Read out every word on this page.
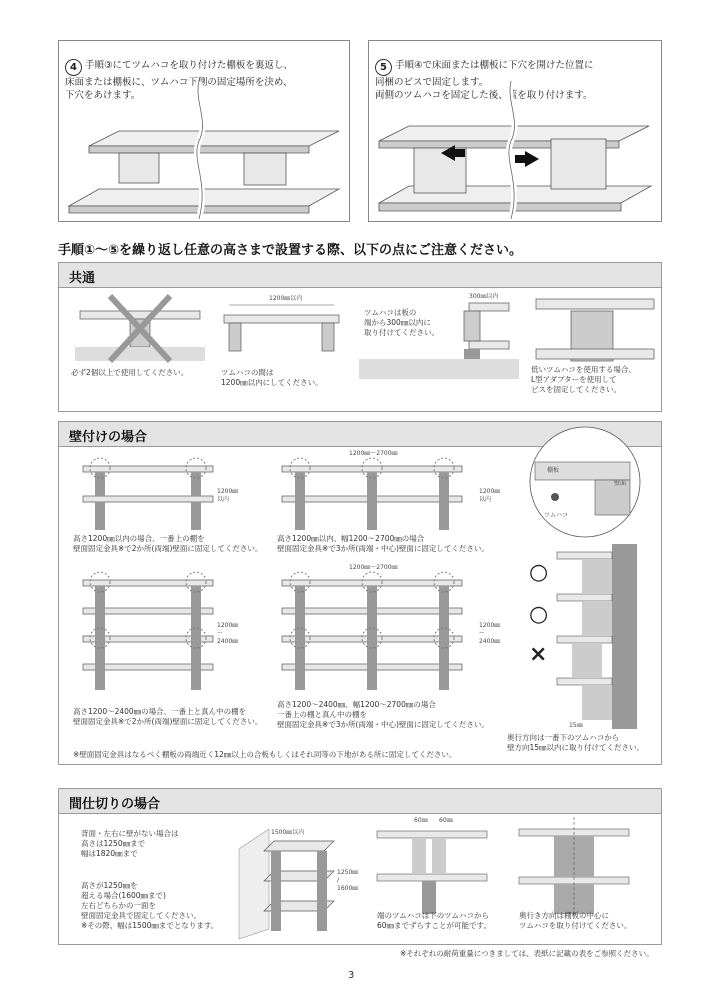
4 手順③にてツムハコを取り付けた棚板を裏返し、
床面または棚板に、ツムハコ下側の固定場所を決め、
下穴をあけます。

5 手順④で床面または棚板に下穴を開けた位置に
同梱のビスで固定します。
両側のツムハコを固定した後、蓋を取り付けます。

手順①～⑤を繰り返し任意の高さまで設置する際、以下の点にご注意ください。
共通
必ず2個以上で使用してください。
1200㎜以内
ツムハコの間は
1200㎜以内にしてください。
300㎜以内
ツムハコは板の
端から300㎜以内に
取り付けてください。
低いツムハコを使用する場合、
L型アダプターを使用して
ビスを固定してください。
壁付けの場合
1200㎜
以内
高さ1200㎜以内の場合、一番上の棚を
壁面固定金具※で2か所(両端)壁面に固定してください。
1200㎜～2700㎜
1200㎜
以内
高さ1200㎜以内、幅1200～2700㎜の場合
壁面固定金具※で3か所(両端・中心)壁面に固定してください。
1200㎜
～
2400㎜
高さ1200～2400㎜の場合、一番上と真ん中の棚を
壁面固定金具※で2か所(両端)壁面に固定してください。
1200㎜～2700㎜
1200㎜
～
2400㎜
高さ1200～2400㎜、幅1200～2700㎜の場合
一番上の棚と真ん中の棚を
壁面固定金具※で3か所(両端・中心)壁面に固定してください。
棚板
壁面
ツムハコ
○
○
×
15㎜
奥行方向は一番下のツムハコから
壁方向15㎜以内に取り付けてください。
※壁面固定金具はなるべく棚板の両端近く12㎜以上の合板もしくはそれ同等の下地がある所に固定してください。
間仕切りの場合
背面・左右に壁がない場合は
高さは1250㎜まで
幅は1820㎜まで
高さが1250㎜を
超える場合(1600㎜まで)
左右どちらかの一面を
壁面固定金具で固定してください。
※その際、幅は1500㎜までとなります。
1500㎜以内
1250㎜
/
1600㎜
60㎜ 60㎜
端のツムハコは下のツムハコから
60㎜までずらすことが可能です。
奥行き方向は棚板の中心に
ツムハコを取り付けてください。
※それぞれの耐荷重量につきましては、表紙に記載の表をご参照ください。
3
